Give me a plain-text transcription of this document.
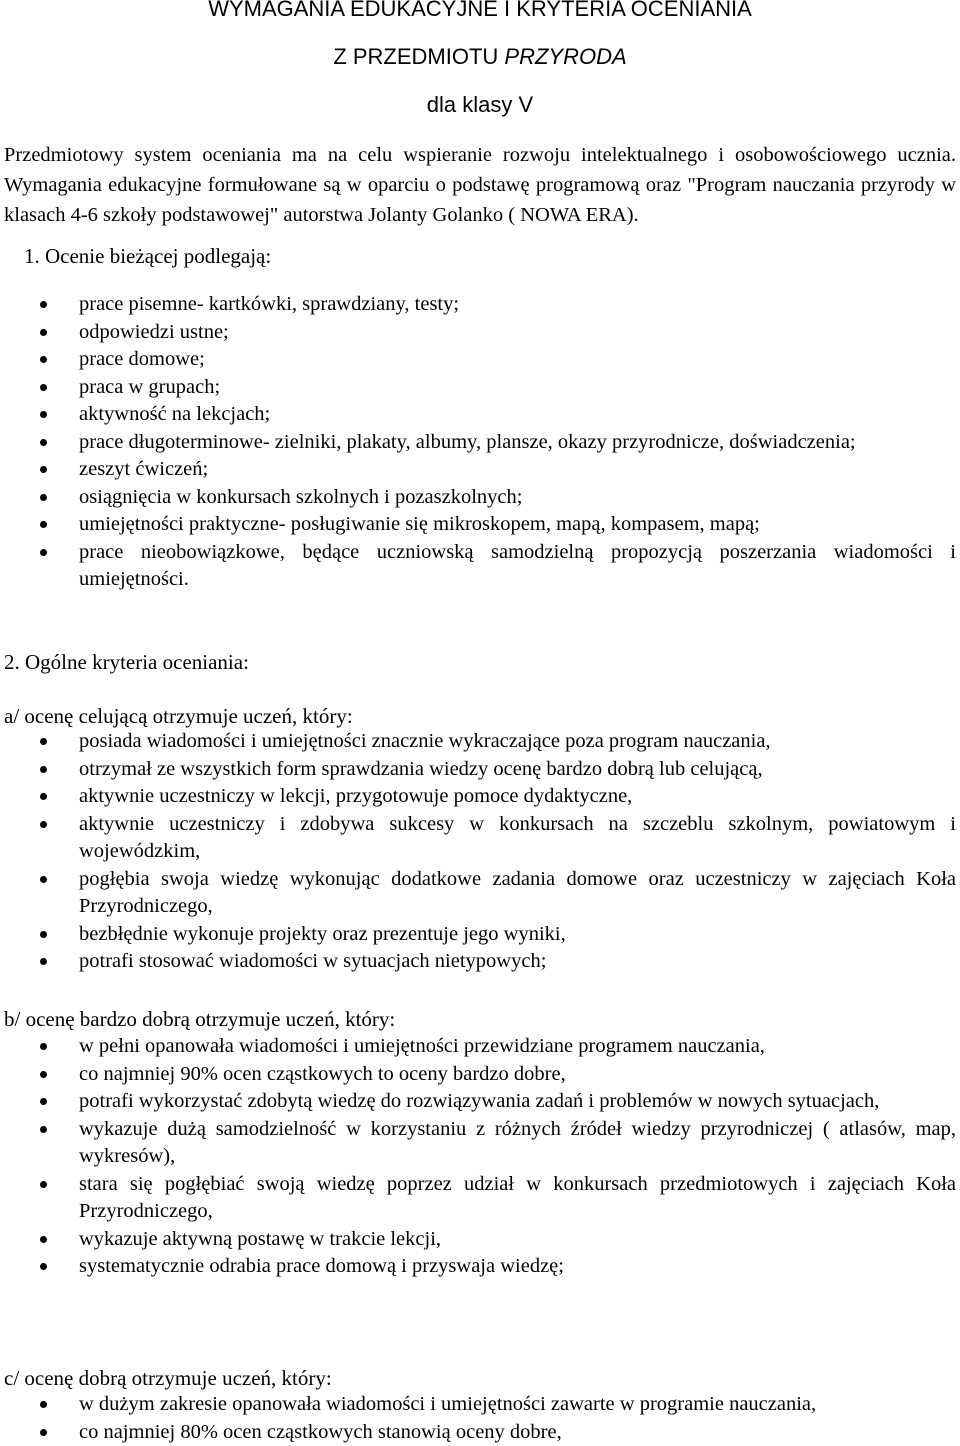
WYMAGANIA EDUKACYJNE I KRYTERIA OCENIANIA
Z PRZEDMIOTU PRZYRODA
dla klasy V

Przedmiotowy system oceniania ma na celu wspieranie rozwoju intelektualnego i osobowościowego ucznia. Wymagania edukacyjne formułowane są w oparciu o podstawę programową oraz "Program nauczania przyrody w klasach 4-6 szkoły podstawowej" autorstwa Jolanty Golanko ( NOWA ERA).

1. Ocenie bieżącej podlegają:
prace pisemne- kartkówki, sprawdziany, testy;
odpowiedzi ustne;
prace domowe;
praca w grupach;
aktywność na lekcjach;
prace długoterminowe- zielniki, plakaty, albumy, plansze, okazy przyrodnicze, doświadczenia;
zeszyt ćwiczeń;
osiągnięcia w konkursach szkolnych i pozaszkolnych;
umiejętności praktyczne- posługiwanie się mikroskopem, mapą, kompasem, mapą;
prace nieobowiązkowe, będące uczniowską samodzielną propozycją poszerzania wiadomości i umiejętności.
2. Ogólne kryteria oceniania:
a/ ocenę celującą otrzymuje uczeń, który:
posiada wiadomości i umiejętności znacznie wykraczające poza program nauczania,
otrzymał ze wszystkich form sprawdzania wiedzy ocenę bardzo dobrą lub celującą,
aktywnie uczestniczy w lekcji, przygotowuje pomoce dydaktyczne,
aktywnie uczestniczy i zdobywa sukcesy w konkursach na szczeblu szkolnym, powiatowym i wojewódzkim,
pogłębia swoja wiedzę wykonując dodatkowe zadania domowe oraz uczestniczy w zajęciach Koła Przyrodniczego,
bezbłędnie wykonuje projekty oraz prezentuje jego wyniki,
potrafi stosować wiadomości w sytuacjach nietypowych;
b/ ocenę bardzo dobrą otrzymuje uczeń, który:
w pełni opanowała wiadomości i umiejętności przewidziane programem nauczania,
co najmniej 90% ocen cząstkowych to oceny bardzo dobre,
potrafi wykorzystać zdobytą wiedzę do rozwiązywania zadań i problemów w nowych sytuacjach,
wykazuje dużą samodzielność w korzystaniu z różnych źródeł wiedzy przyrodniczej ( atlasów, map, wykresów),
stara się pogłębiać swoją wiedzę poprzez udział w konkursach przedmiotowych i zajęciach Koła Przyrodniczego,
wykazuje aktywną postawę w trakcie lekcji,
systematycznie odrabia prace domową i przyswaja wiedzę;
c/ ocenę dobrą otrzymuje uczeń, który:
w dużym zakresie opanowała wiadomości i umiejętności zawarte w programie nauczania,
co najmniej 80% ocen cząstkowych stanowią oceny dobre,
